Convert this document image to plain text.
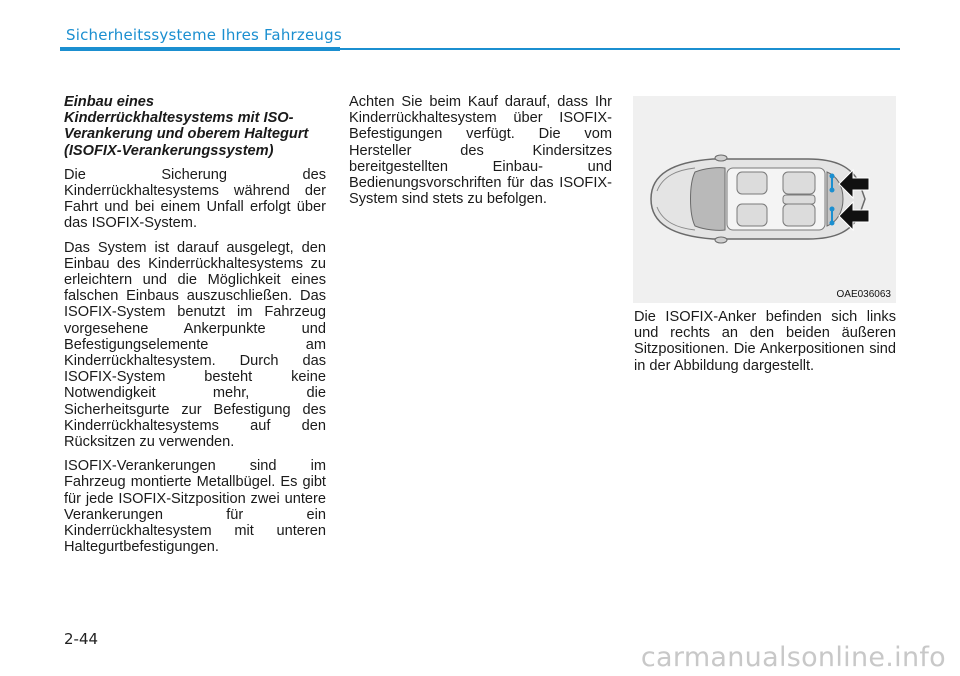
Sicherheitssysteme Ihres Fahrzeugs
Einbau eines Kinderrückhaltesystems mit ISO-Verankerung und oberem Haltegurt (ISOFIX-Verankerungssystem)

Die Sicherung des Kinderrückhaltesystems während der Fahrt und bei einem Unfall erfolgt über das ISOFIX-System.

Das System ist darauf ausgelegt, den Einbau des Kinderrückhaltesystems zu erleichtern und die Möglichkeit eines falschen Einbaus auszuschließen. Das ISOFIX-System benutzt im Fahrzeug vorgesehene Ankerpunkte und Befestigungselemente am Kinderrückhaltesystem. Durch das ISOFIX-System besteht keine Notwendigkeit mehr, die Sicherheitsgurte zur Befestigung des Kinderrückhaltesystems auf den Rücksitzen zu verwenden.

ISOFIX-Verankerungen sind im Fahrzeug montierte Metallbügel. Es gibt für jede ISOFIX-Sitzposition zwei untere Verankerungen für ein Kinderrückhaltesystem mit unteren Haltegurtbefestigungen.

Achten Sie beim Kauf darauf, dass Ihr Kinderrückhaltesystem über ISOFIX-Befestigungen verfügt. Die vom Hersteller des Kindersitzes bereitgestellten Einbau- und Bedienungsvorschriften für das ISOFIX-System sind stets zu befolgen.

OAE036063

Die ISOFIX-Anker befinden sich links und rechts an den beiden äußeren Sitzpositionen. Die Ankerpositionen sind in der Abbildung dargestellt.

2-44
carmanualsonline.info
